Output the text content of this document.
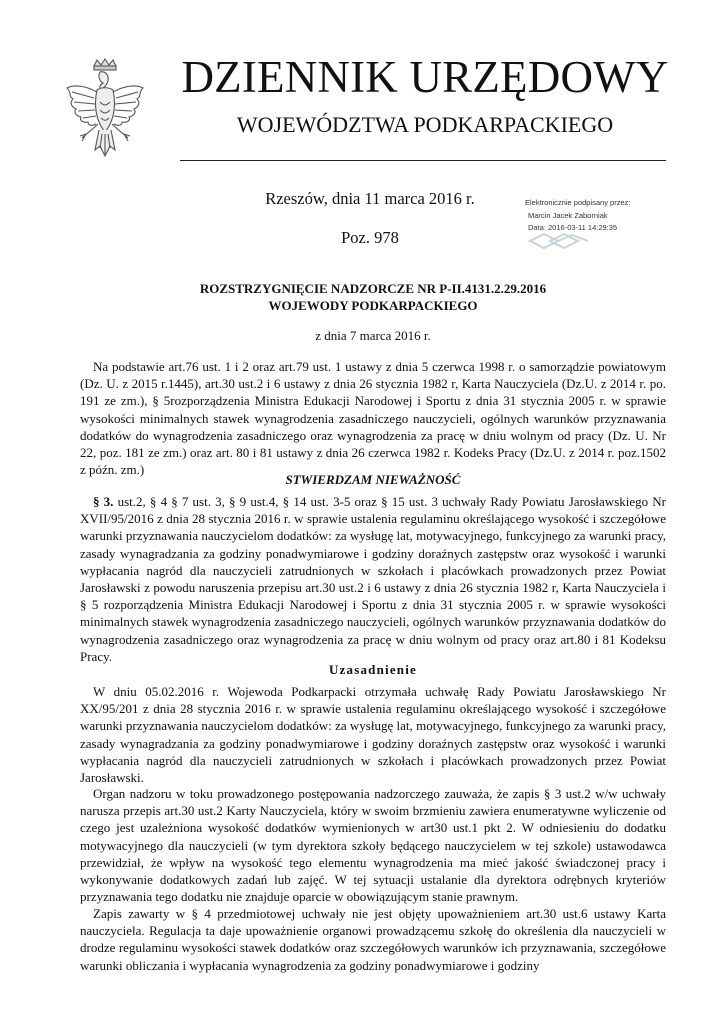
DZIENNIK URZĘDOWY
WOJEWÓDZTWA PODKARPACKIEGO
Rzeszów, dnia 11 marca 2016 r.
Poz. 978
Elektronicznie podpisany przez:
Marcin Jacek Zaborniak
Data: 2016-03-11 14:29:35
ROZSTRZYGNIĘCIE NADZORCZE NR P-II.4131.2.29.2016
WOJEWODY PODKARPACKIEGO
z dnia 7 marca 2016 r.

Na podstawie art.76 ust. 1 i 2 oraz art.79 ust. 1 ustawy z dnia 5 czerwca 1998 r. o samorządzie powiatowym (Dz. U. z 2015 r.1445), art.30 ust.2 i 6 ustawy z dnia 26 stycznia 1982 r, Karta Nauczyciela (Dz.U. z 2014 r. po. 191 ze zm.), § 5rozporządzenia Ministra Edukacji Narodowej i Sportu z dnia 31 stycznia 2005 r. w sprawie wysokości minimalnych stawek wynagrodzenia zasadniczego nauczycieli, ogólnych warunków przyznawania dodatków do wynagrodzenia zasadniczego oraz wynagrodzenia za pracę w dniu wolnym od pracy (Dz. U. Nr 22, poz. 181 ze zm.) oraz art. 80 i 81 ustawy z dnia 26 czerwca 1982 r. Kodeks Pracy (Dz.U. z 2014 r. poz.1502 z późn. zm.)

STWIERDZAM NIEWAŻNOŚĆ

§ 3. ust.2, § 4 § 7 ust. 3, § 9 ust.4, § 14 ust. 3-5 oraz § 15 ust. 3 uchwały Rady Powiatu Jarosławskiego Nr XVII/95/2016 z dnia 28 stycznia 2016 r. w sprawie ustalenia regulaminu określającego wysokość i szczegółowe warunki przyznawania nauczycielom dodatków: za wysługę lat, motywacyjnego, funkcyjnego za warunki pracy, zasady wynagradzania za godziny ponadwymiarowe i godziny doraźnych zastępstw oraz wysokość i warunki wypłacania nagród dla nauczycieli zatrudnionych w szkołach i placówkach prowadzonych przez Powiat Jarosławski z powodu naruszenia przepisu art.30 ust.2 i 6 ustawy z dnia 26 stycznia 1982 r, Karta Nauczyciela i § 5 rozporządzenia Ministra Edukacji Narodowej i Sportu z dnia 31 stycznia 2005 r. w sprawie wysokości minimalnych stawek wynagrodzenia zasadniczego nauczycieli, ogólnych warunków przyznawania dodatków do wynagrodzenia zasadniczego oraz wynagrodzenia za pracę w dniu wolnym od pracy oraz art.80 i 81 Kodeksu Pracy.

Uzasadnienie

W dniu 05.02.2016 r. Wojewoda Podkarpacki otrzymała uchwałę Rady Powiatu Jarosławskiego Nr XX/95/201 z dnia 28 stycznia 2016 r. w sprawie ustalenia regulaminu określającego wysokość i szczegółowe warunki przyznawania nauczycielom dodatków: za wysługę lat, motywacyjnego, funkcyjnego za warunki pracy, zasady wynagradzania za godziny ponadwymiarowe i godziny doraźnych zastępstw oraz wysokość i warunki wypłacania nagród dla nauczycieli zatrudnionych w szkołach i placówkach prowadzonych przez Powiat Jarosławski.

Organ nadzoru w toku prowadzonego postępowania nadzorczego zauważa, że zapis § 3 ust.2 w/w uchwały narusza przepis art.30 ust.2 Karty Nauczyciela, który w swoim brzmieniu zawiera enumeratywne wyliczenie od czego jest uzależniona wysokość dodatków wymienionych w art30 ust.1 pkt 2. W odniesieniu do dodatku motywacyjnego dla nauczycieli (w tym dyrektora szkoły będącego nauczycielem w tej szkole) ustawodawca przewidział, że wpływ na wysokość tego elementu wynagrodzenia ma mieć jakość świadczonej pracy i wykonywanie dodatkowych zadań lub zajęć. W tej sytuacji ustalanie dla dyrektora odrębnych kryteriów przyznawania tego dodatku nie znajduje oparcie w obowiązującym stanie prawnym.

Zapis zawarty w § 4 przedmiotowej uchwały nie jest objęty upoważnieniem art.30 ust.6 ustawy Karta nauczyciela. Regulacja ta daje upoważnienie organowi prowadzącemu szkołę do określenia dla nauczycieli w drodze regulaminu wysokości stawek dodatków oraz szczegółowych warunków ich przyznawania, szczegółowe warunki obliczania i wypłacania wynagrodzenia za godziny ponadwymiarowe i godziny
